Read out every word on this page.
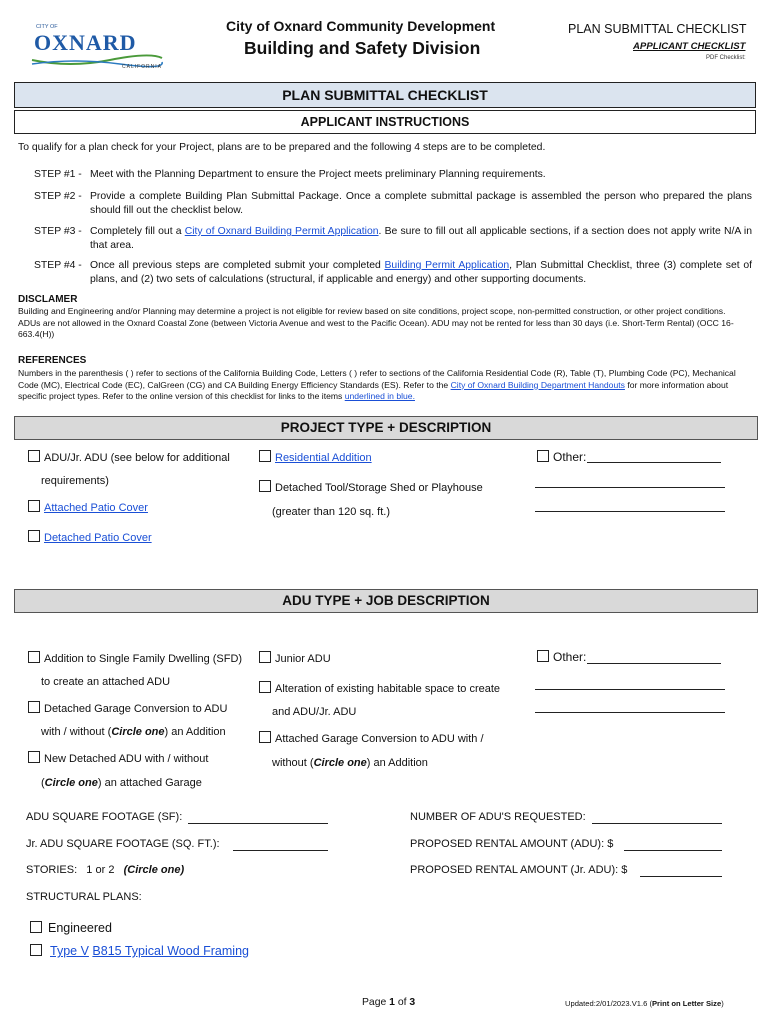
CITY OF
OXNARD
CALIFORNIA
City of Oxnard Community Development
Building and Safety Division
PLAN SUBMITTAL CHECKLIST
APPLICANT CHECKLIST
PDF Checklist:
PLAN SUBMITTAL CHECKLIST
APPLICANT INSTRUCTIONS
To qualify for a plan check for your Project, plans are to be prepared and the following 4 steps are to be completed.
STEP #1 - Meet with the Planning Department to ensure the Project meets preliminary Planning requirements.
STEP #2 - Provide a complete Building Plan Submittal Package. Once a complete submittal package is assembled the person who prepared the plans should fill out the checklist below.
STEP #3 - Completely fill out a City of Oxnard Building Permit Application. Be sure to fill out all applicable sections, if a section does not apply write N/A in that area.
STEP #4 - Once all previous steps are completed submit your completed Building Permit Application, Plan Submittal Checklist, three (3) complete set of plans, and (2) two sets of calculations (structural, if applicable and energy) and other supporting documents.
DISCLAMER
Building and Engineering and/or Planning may determine a project is not eligible for review based on site conditions, project scope, non-permitted construction, or other project conditions. ADUs are not allowed in the Oxnard Coastal Zone (between Victoria Avenue and west to the Pacific Ocean). ADU may not be rented for less than 30 days (i.e. Short-Term Rental) (OCC 16-663.4(H))
REFERENCES
Numbers in the parenthesis ( ) refer to sections of the California Building Code, Letters ( ) refer to sections of the California Residential Code (R), Table (T), Plumbing Code (PC), Mechanical Code (MC), Electrical Code (EC), CalGreen (CG) and CA Building Energy Efficiency Standards (ES). Refer to the City of Oxnard Building Department Handouts for more information about specific project types. Refer to the online version of this checklist for links to the items underlined in blue.
PROJECT TYPE + DESCRIPTION
ADU/Jr. ADU (see below for additional
requirements)
Attached Patio Cover
Detached Patio Cover
Residential Addition
Detached Tool/Storage Shed or Playhouse
(greater than 120 sq. ft.)
Other:
ADU TYPE + JOB DESCRIPTION
Addition to Single Family Dwelling (SFD)
to create an attached ADU
Detached Garage Conversion to ADU
with / without (Circle one) an Addition
New Detached ADU with / without
(Circle one) an attached Garage
Junior ADU
Alteration of existing habitable space to create
and ADU/Jr. ADU
Attached Garage Conversion to ADU with /
without (Circle one) an Addition
Other:
ADU SQUARE FOOTAGE (SF):	NUMBER OF ADU'S REQUESTED:
Jr. ADU SQUARE FOOTAGE (SQ. FT.):	PROPOSED RENTAL AMOUNT (ADU): $
STORIES:   1 or 2   (Circle one)	PROPOSED RENTAL AMOUNT (Jr. ADU): $
STRUCTURAL PLANS:
Engineered
Type V B815 Typical Wood Framing
Page 1 of 3	Updated:2/01/2023.V1.6 (Print on Letter Size)
